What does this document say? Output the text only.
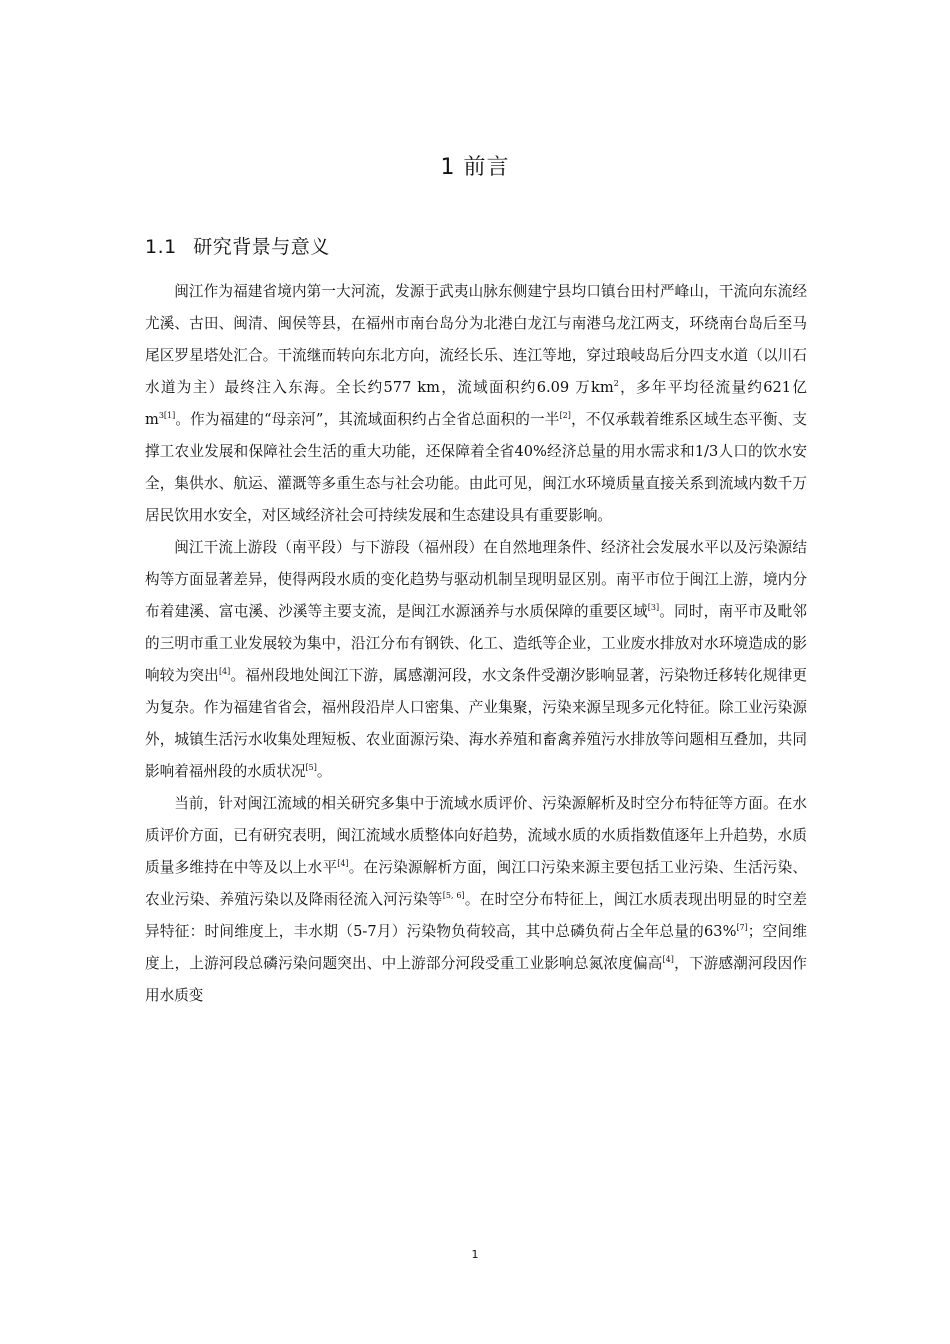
1 前言
1.1 研究背景与意义

闽江作为福建省境内第一大河流，发源于武夷山脉东侧建宁县均口镇台田村严峰山，干流向东流经尤溪、古田、闽清、闽侯等县，在福州市南台岛分为北港白龙江与南港乌龙江两支，环绕南台岛后至马尾区罗星塔处汇合。干流继而转向东北方向，流经长乐、连江等地，穿过琅岐岛后分四支水道（以川石水道为主）最终注入东海。全长约577 km，流域面积约6.09 万$km^2$，多年平均径流量约621亿 $m^{3[1]}$。作为福建的“母亲河”，其流域面积约占全省总面积的一半[2]，不仅承载着维系区域生态平衡、支撑工农业发展和保障社会生活的重大功能，还保障着全省40%经济总量的用水需求和1/3人口的饮水安全，集供水、航运、灌溉等多重生态与社会功能。由此可见，闽江水环境质量直接关系到流域内数千万居民饮用水安全，对区域经济社会可持续发展和生态建设具有重要影响。

闽江干流上游段（南平段）与下游段（福州段）在自然地理条件、经济社会发展水平以及污染源结构等方面显著差异，使得两段水质的变化趋势与驱动机制呈现明显区别。南平市位于闽江上游，境内分布着建溪、富屯溪、沙溪等主要支流，是闽江水源涵养与水质保障的重要区域[3]。同时，南平市及毗邻的三明市重工业发展较为集中，沿江分布有钢铁、化工、造纸等企业，工业废水排放对水环境造成的影响较为突出[4]。福州段地处闽江下游，属感潮河段，水文条件受潮汐影响显著，污染物迁移转化规律更为复杂。作为福建省省会，福州段沿岸人口密集、产业集聚，污染来源呈现多元化特征。除工业污染源外，城镇生活污水收集处理短板、农业面源污染、海水养殖和畜禽养殖污水排放等问题相互叠加，共同影响着福州段的水质状况[5]。

当前，针对闽江流域的相关研究多集中于流域水质评价、污染源解析及时空分布特征等方面。在水质评价方面，已有研究表明，闽江流域水质整体向好趋势，流域水质的水质指数值逐年上升趋势，水质质量多维持在中等及以上水平[4]。在污染源解析方面，闽江口污染来源主要包括工业污染、生活污染、农业污染、养殖污染以及降雨径流入河污染等[5, 6]。在时空分布特征上，闽江水质表现出明显的时空差异特征：时间维度上，丰水期（5-7月）污染物负荷较高，其中总磷负荷占全年总量的63%[7]；空间维度上，上游河段总磷污染问题突出、中上游部分河段受重工业影响总氮浓度偏高[4]，下游感潮河段因作用水质变

1
